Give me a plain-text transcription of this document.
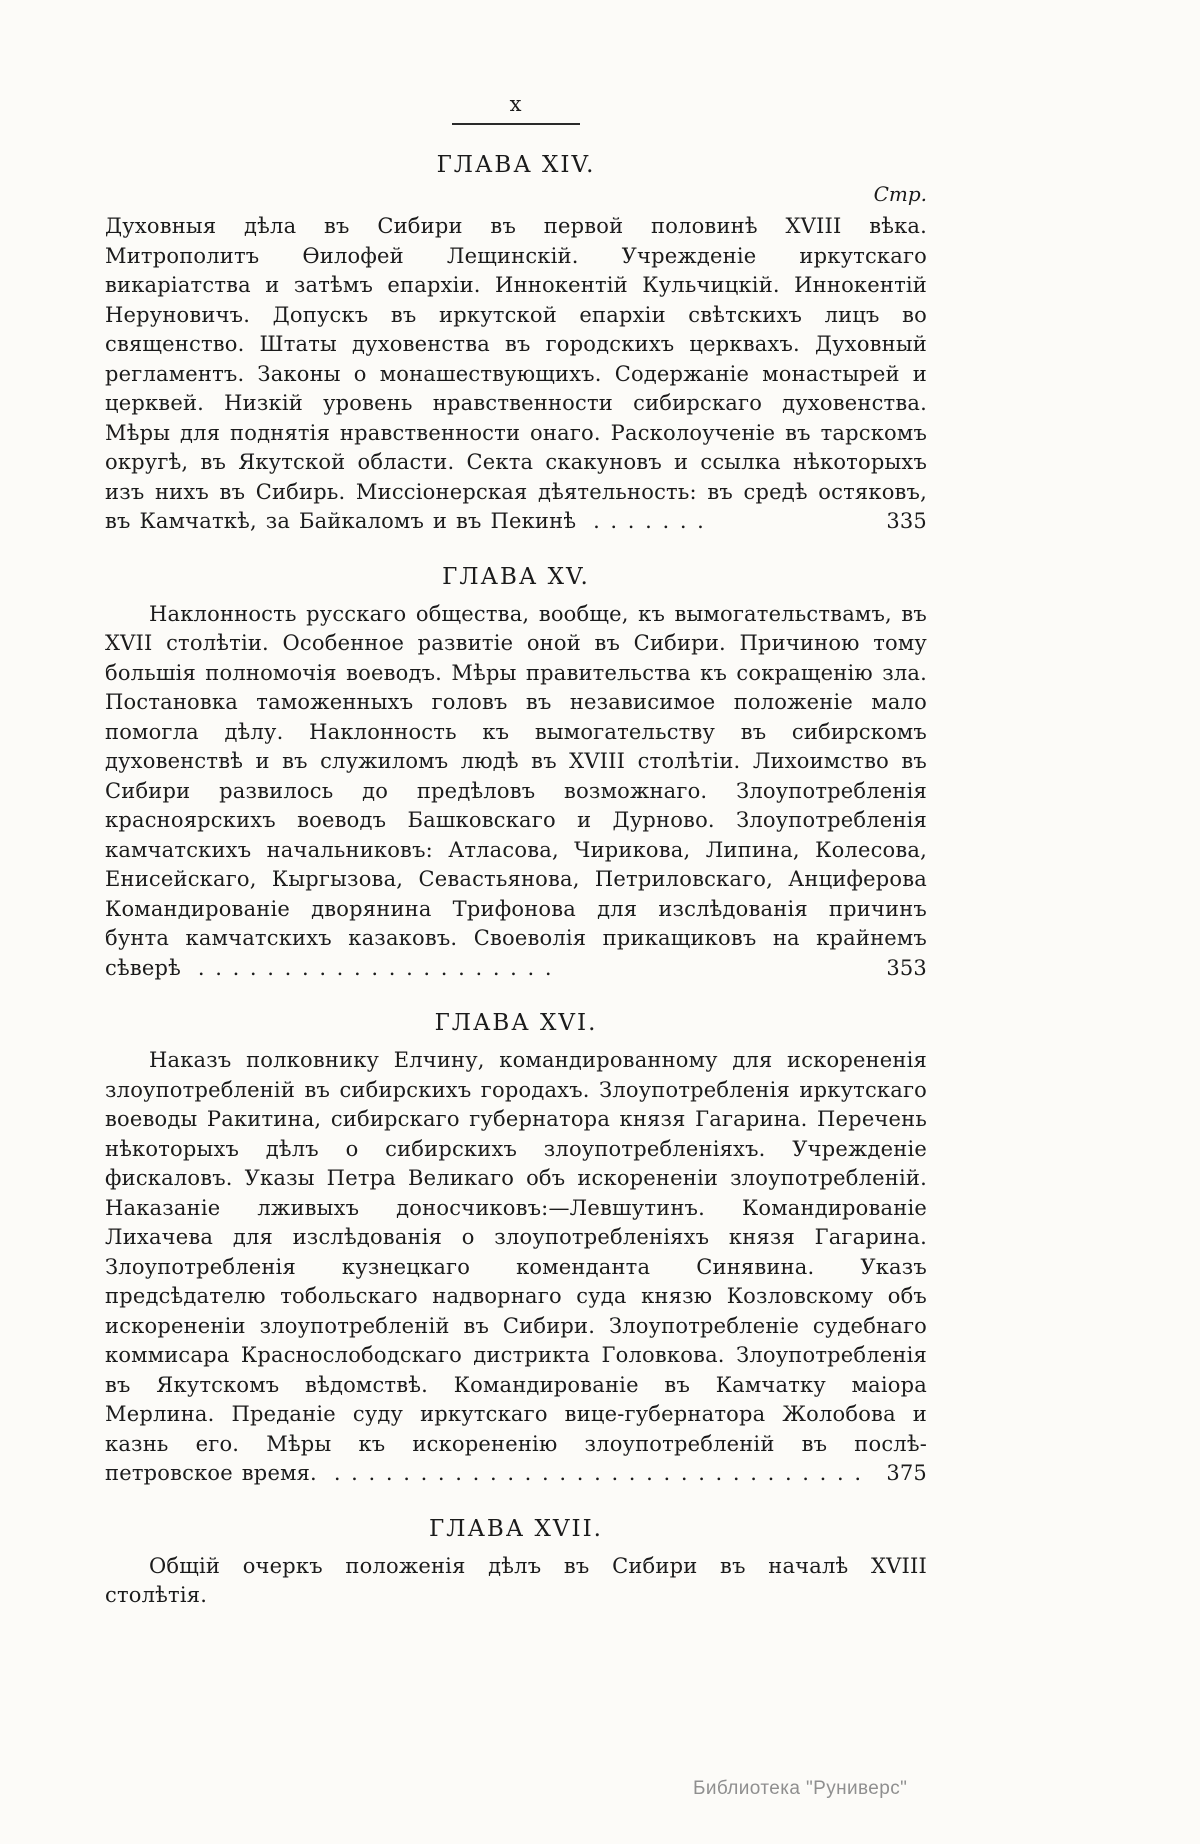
x
ГЛАВА XIV.
Стр.

Духовныя дѣла въ Сибири въ первой половинѣ XVIII вѣка. Митрополитъ Ѳилофей Лещинскій. Учрежденіе иркутскаго викаріатства и затѣмъ епархіи. Иннокентій Кульчицкій. Иннокентій Неруновичъ. Допускъ въ иркутской епархіи свѣтскихъ лицъ во священство. Штаты духовенства въ городскихъ церквахъ. Духовный регламентъ. Законы о монашествующихъ. Содержаніе монастырей и церквей. Низкій уровень нравственности сибирскаго духовенства. Мѣры для поднятія нравственности онаго. Расколоученіе въ тарскомъ округѣ, въ Якутской области. Секта скакуновъ и ссылка нѣкоторыхъ изъ нихъ въ Сибирь. Миссіонерская дѣятельность: въ средѣ остяковъ, въ Камчаткѣ, за Байкаломъ и въ Пекинѣ . . . . . . .	335

ГЛАВА XV.

Наклонность русскаго общества, вообще, къ вымогательствамъ, въ XVII столѣтіи. Особенное развитіе оной въ Сибири. Причиною тому большія полномочія воеводъ. Мѣры правительства къ сокращенію зла. Постановка таможенныхъ головъ въ независимое положеніе мало помогла дѣлу. Наклонность къ вымогательству въ сибирскомъ духовенствѣ и въ служиломъ людѣ въ XVIII столѣтіи. Лихоимство въ Сибири развилось до предѣловъ возможнаго. Злоупотребленія красноярскихъ воеводъ Башковскаго и Дурново. Злоупотребленія камчатскихъ начальниковъ: Атласова, Чирикова, Липина, Колесова, Енисейскаго, Кыргызова, Севастьянова, Петриловскаго, Анциферова Командированіе дворянина Трифонова для изслѣдованія причинъ бунта камчатскихъ казаковъ. Своеволія прикащиковъ на крайнемъ сѣверѣ . . . . . . . . . . . . . . . . . . . . .	353

ГЛАВА XVI.

Наказъ полковнику Елчину, командированному для искорененія злоупотребленій въ сибирскихъ городахъ. Злоупотребленія иркутскаго воеводы Ракитина, сибирскаго губернатора князя Гагарина. Перечень нѣкоторыхъ дѣлъ о сибирскихъ злоупотребленіяхъ. Учрежденіе фискаловъ. Указы Петра Великаго объ искорененіи злоупотребленій. Наказаніе лживыхъ доносчиковъ:—Левшутинъ. Командированіе Лихачева для изслѣдованія о злоупотребленіяхъ князя Гагарина. Злоупотребленія кузнецкаго коменданта Синявина. Указъ предсѣдателю тобольскаго надворнаго суда князю Козловскому объ искорененіи злоупотребленій въ Сибири. Злоупотребленіе судебнаго коммисара Краснослободскаго дистрикта Головкова. Злоупотребленія въ Якутскомъ вѣдомствѣ. Командированіе въ Камчатку маіора Мерлина. Преданіе суду иркутскаго вице-губернатора Жолобова и казнь его. Мѣры къ искорененію злоупотребленій въ послѣ-петровское время. . . . . . . . . . . . . . . . . . . . . . . . . . . . . . . .	375

ГЛАВА XVII.

Общій очеркъ положенія дѣлъ въ Сибири въ началѣ XVIII столѣтія.

Библиотека "Руниверс"
